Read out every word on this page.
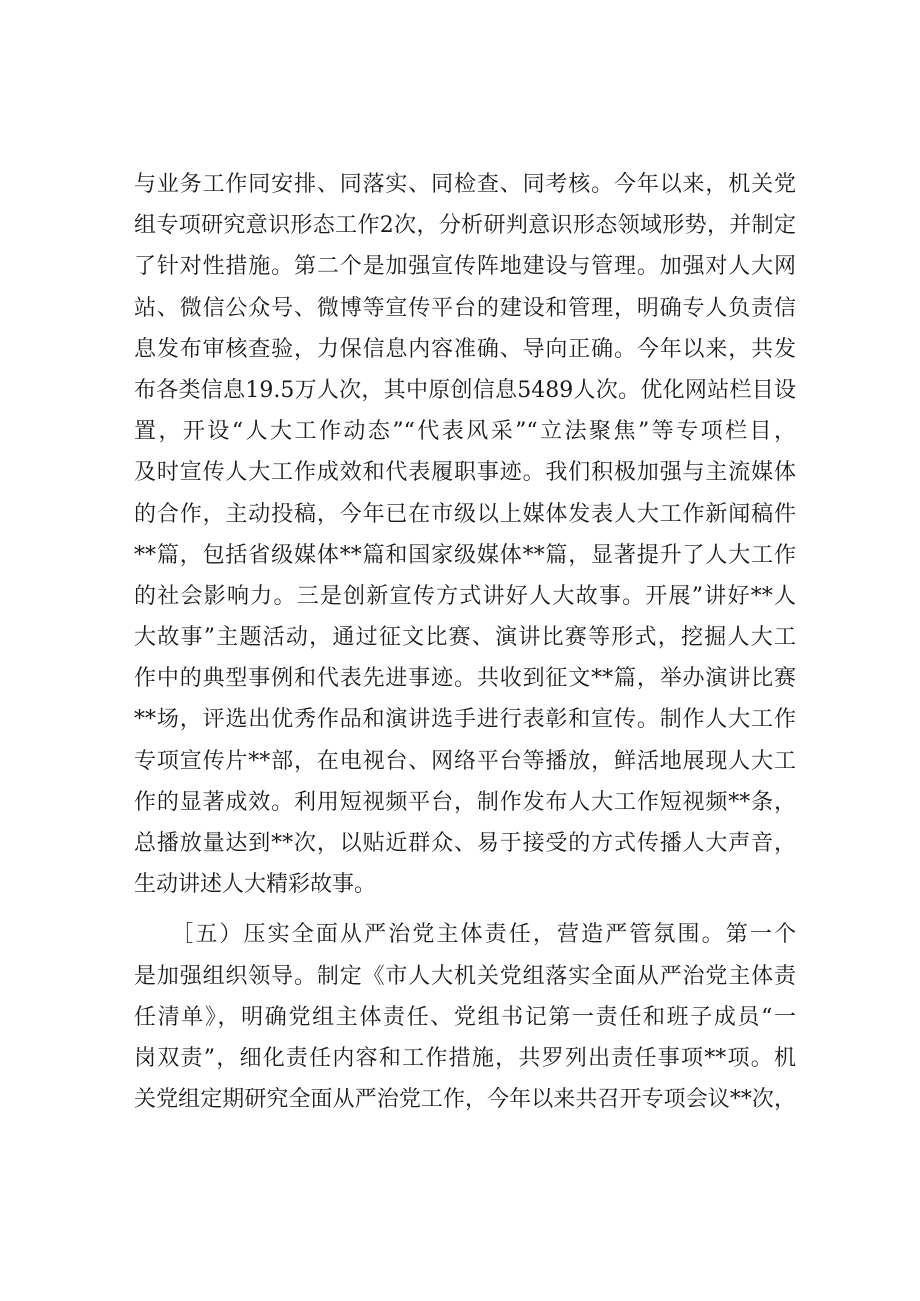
与业务工作同安排、同落实、同检查、同考核。今年以来，机关党
组专项研究意识形态工作2次，分析研判意识形态领域形势，并制定
了针对性措施。第二个是加强宣传阵地建设与管理。加强对人大网
站、微信公众号、微博等宣传平台的建设和管理，明确专人负责信
息发布审核查验，力保信息内容准确、导向正确。今年以来，共发
布各类信息19.5万人次，其中原创信息5489人次。优化网站栏目设
置，开设“人大工作动态”“代表风采”“立法聚焦”等专项栏目，
及时宣传人大工作成效和代表履职事迹。我们积极加强与主流媒体
的合作，主动投稿，今年已在市级以上媒体发表人大工作新闻稿件
**篇，包括省级媒体**篇和国家级媒体**篇，显著提升了人大工作
的社会影响力。三是创新宣传方式讲好人大故事。开展”讲好**人
大故事”主题活动，通过征文比赛、演讲比赛等形式，挖掘人大工
作中的典型事例和代表先进事迹。共收到征文**篇，举办演讲比赛
**场，评选出优秀作品和演讲选手进行表彰和宣传。制作人大工作
专项宣传片**部，在电视台、网络平台等播放，鲜活地展现人大工
作的显著成效。利用短视频平台，制作发布人大工作短视频**条，
总播放量达到**次，以贴近群众、易于接受的方式传播人大声音，
生动讲述人大精彩故事。
　　［五）压实全面从严治党主体责任，营造严管氛围。第一个
是加强组织领导。制定《市人大机关党组落实全面从严治党主体责
任清单》，明确党组主体责任、党组书记第一责任和班子成员“一
岗双责”，细化责任内容和工作措施，共罗列出责任事项**项。机
关党组定期研究全面从严治党工作，今年以来共召开专项会议**次，
